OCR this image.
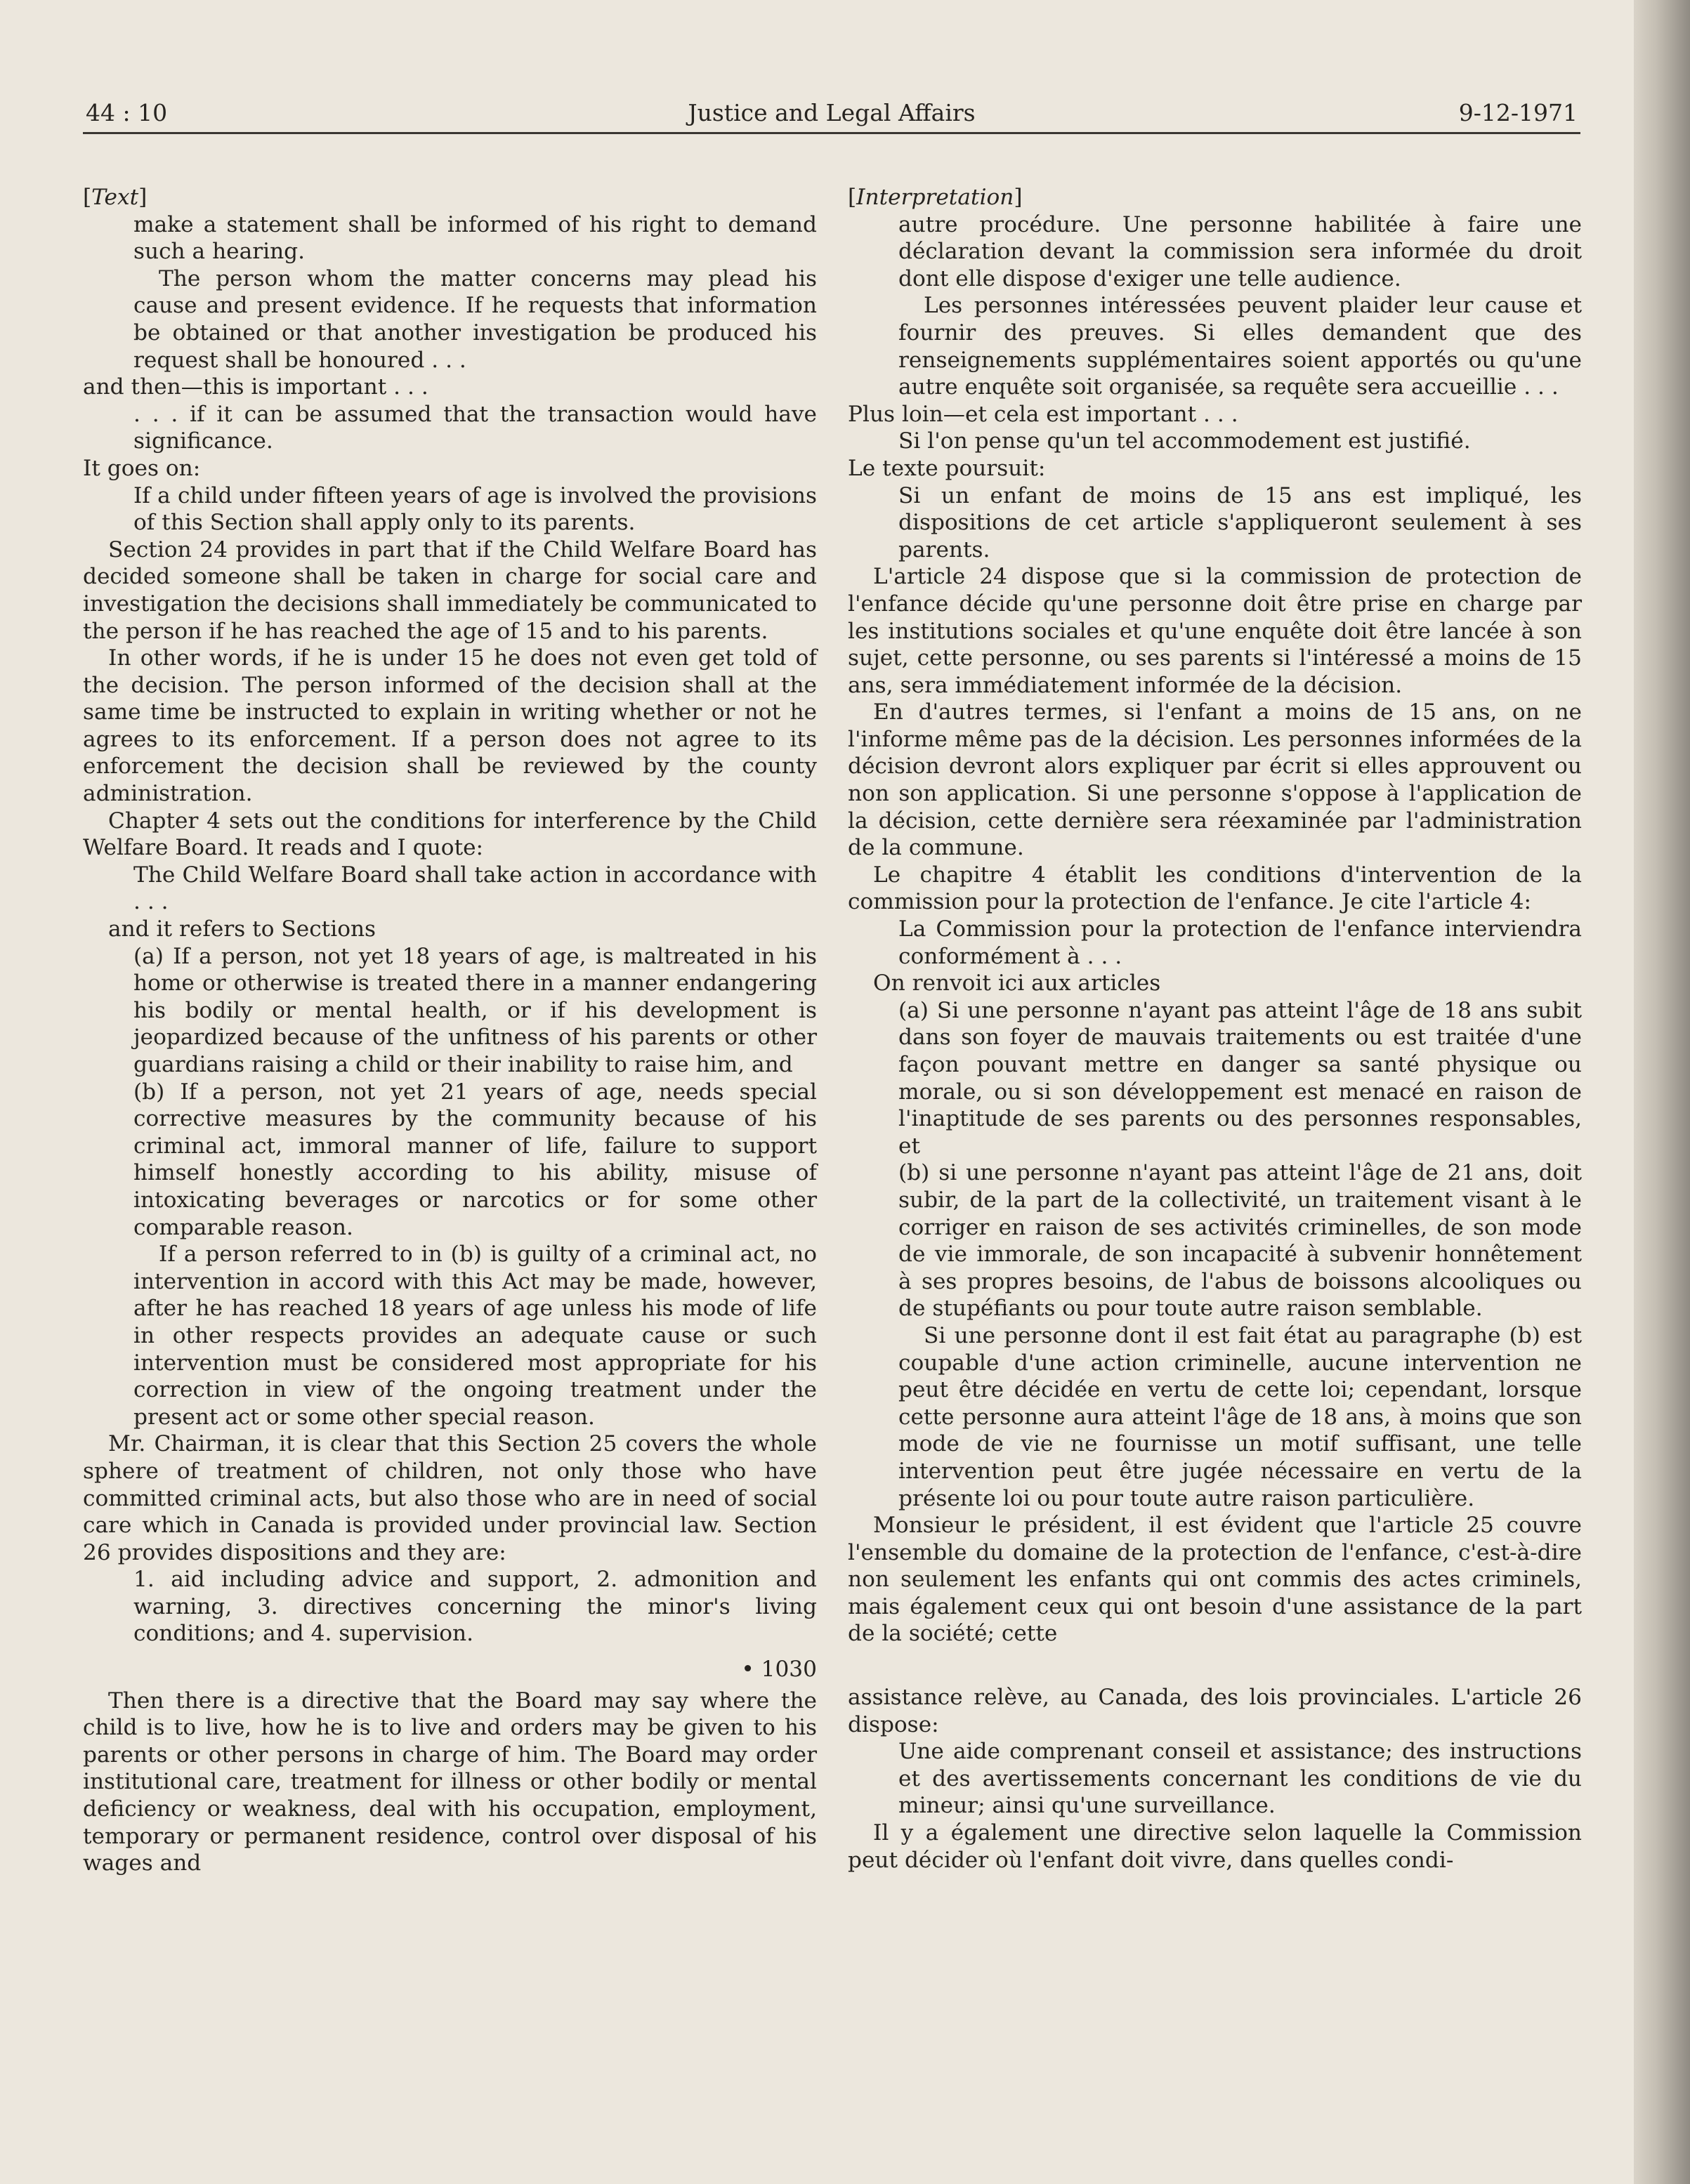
44 : 10	Justice and Legal Affairs	9-12-1971

[Text]

make a statement shall be informed of his right to demand such a hearing.

The person whom the matter concerns may plead his cause and present evidence. If he requests that information be obtained or that another investigation be produced his request shall be honoured . . .

and then—this is important . . .

. . . if it can be assumed that the transaction would have significance.

It goes on:

If a child under fifteen years of age is involved the provisions of this Section shall apply only to its parents.

Section 24 provides in part that if the Child Welfare Board has decided someone shall be taken in charge for social care and investigation the decisions shall immediately be communicated to the person if he has reached the age of 15 and to his parents.

In other words, if he is under 15 he does not even get told of the decision. The person informed of the decision shall at the same time be instructed to explain in writing whether or not he agrees to its enforcement. If a person does not agree to its enforcement the decision shall be reviewed by the county administration.

Chapter 4 sets out the conditions for interference by the Child Welfare Board. It reads and I quote:

The Child Welfare Board shall take action in accordance with . . .

and it refers to Sections

(a) If a person, not yet 18 years of age, is maltreated in his home or otherwise is treated there in a manner endangering his bodily or mental health, or if his development is jeopardized because of the unfitness of his parents or other guardians raising a child or their inability to raise him, and

(b) If a person, not yet 21 years of age, needs special corrective measures by the community because of his criminal act, immoral manner of life, failure to support himself honestly according to his ability, misuse of intoxicating beverages or narcotics or for some other comparable reason.

If a person referred to in (b) is guilty of a criminal act, no intervention in accord with this Act may be made, however, after he has reached 18 years of age unless his mode of life in other respects provides an adequate cause or such intervention must be considered most appropriate for his correction in view of the ongoing treatment under the present act or some other special reason.

Mr. Chairman, it is clear that this Section 25 covers the whole sphere of treatment of children, not only those who have committed criminal acts, but also those who are in need of social care which in Canada is provided under provincial law. Section 26 provides dispositions and they are:

1. aid including advice and support, 2. admonition and warning, 3. directives concerning the minor's living conditions; and 4. supervision.

• 1030

Then there is a directive that the Board may say where the child is to live, how he is to live and orders may be given to his parents or other persons in charge of him. The Board may order institutional care, treatment for illness or other bodily or mental deficiency or weakness, deal with his occupation, employment, temporary or permanent residence, control over disposal of his wages and

[Interpretation]

autre procédure. Une personne habilitée à faire une déclaration devant la commission sera informée du droit dont elle dispose d'exiger une telle audience.

Les personnes intéressées peuvent plaider leur cause et fournir des preuves. Si elles demandent que des renseignements supplémentaires soient apportés ou qu'une autre enquête soit organisée, sa requête sera accueillie . . .

Plus loin—et cela est important . . .

Si l'on pense qu'un tel accommodement est justifié.

Le texte poursuit:

Si un enfant de moins de 15 ans est impliqué, les dispositions de cet article s'appliqueront seulement à ses parents.

L'article 24 dispose que si la commission de protection de l'enfance décide qu'une personne doit être prise en charge par les institutions sociales et qu'une enquête doit être lancée à son sujet, cette personne, ou ses parents si l'intéressé a moins de 15 ans, sera immédiatement informée de la décision.

En d'autres termes, si l'enfant a moins de 15 ans, on ne l'informe même pas de la décision. Les personnes informées de la décision devront alors expliquer par écrit si elles approuvent ou non son application. Si une personne s'oppose à l'application de la décision, cette dernière sera réexaminée par l'administration de la commune.

Le chapitre 4 établit les conditions d'intervention de la commission pour la protection de l'enfance. Je cite l'article 4:

La Commission pour la protection de l'enfance interviendra conformément à . . .

On renvoit ici aux articles

(a) Si une personne n'ayant pas atteint l'âge de 18 ans subit dans son foyer de mauvais traitements ou est traitée d'une façon pouvant mettre en danger sa santé physique ou morale, ou si son développement est menacé en raison de l'inaptitude de ses parents ou des personnes responsables, et

(b) si une personne n'ayant pas atteint l'âge de 21 ans, doit subir, de la part de la collectivité, un traitement visant à le corriger en raison de ses activités criminelles, de son mode de vie immorale, de son incapacité à subvenir honnêtement à ses propres besoins, de l'abus de boissons alcooliques ou de stupéfiants ou pour toute autre raison semblable.

Si une personne dont il est fait état au paragraphe (b) est coupable d'une action criminelle, aucune intervention ne peut être décidée en vertu de cette loi; cependant, lorsque cette personne aura atteint l'âge de 18 ans, à moins que son mode de vie ne fournisse un motif suffisant, une telle intervention peut être jugée nécessaire en vertu de la présente loi ou pour toute autre raison particulière.

Monsieur le président, il est évident que l'article 25 couvre l'ensemble du domaine de la protection de l'enfance, c'est-à-dire non seulement les enfants qui ont commis des actes criminels, mais également ceux qui ont besoin d'une assistance de la part de la société; cette

assistance relève, au Canada, des lois provinciales. L'article 26 dispose:

Une aide comprenant conseil et assistance; des instructions et des avertissements concernant les conditions de vie du mineur; ainsi qu'une surveillance.

Il y a également une directive selon laquelle la Commission peut décider où l'enfant doit vivre, dans quelles condi-
